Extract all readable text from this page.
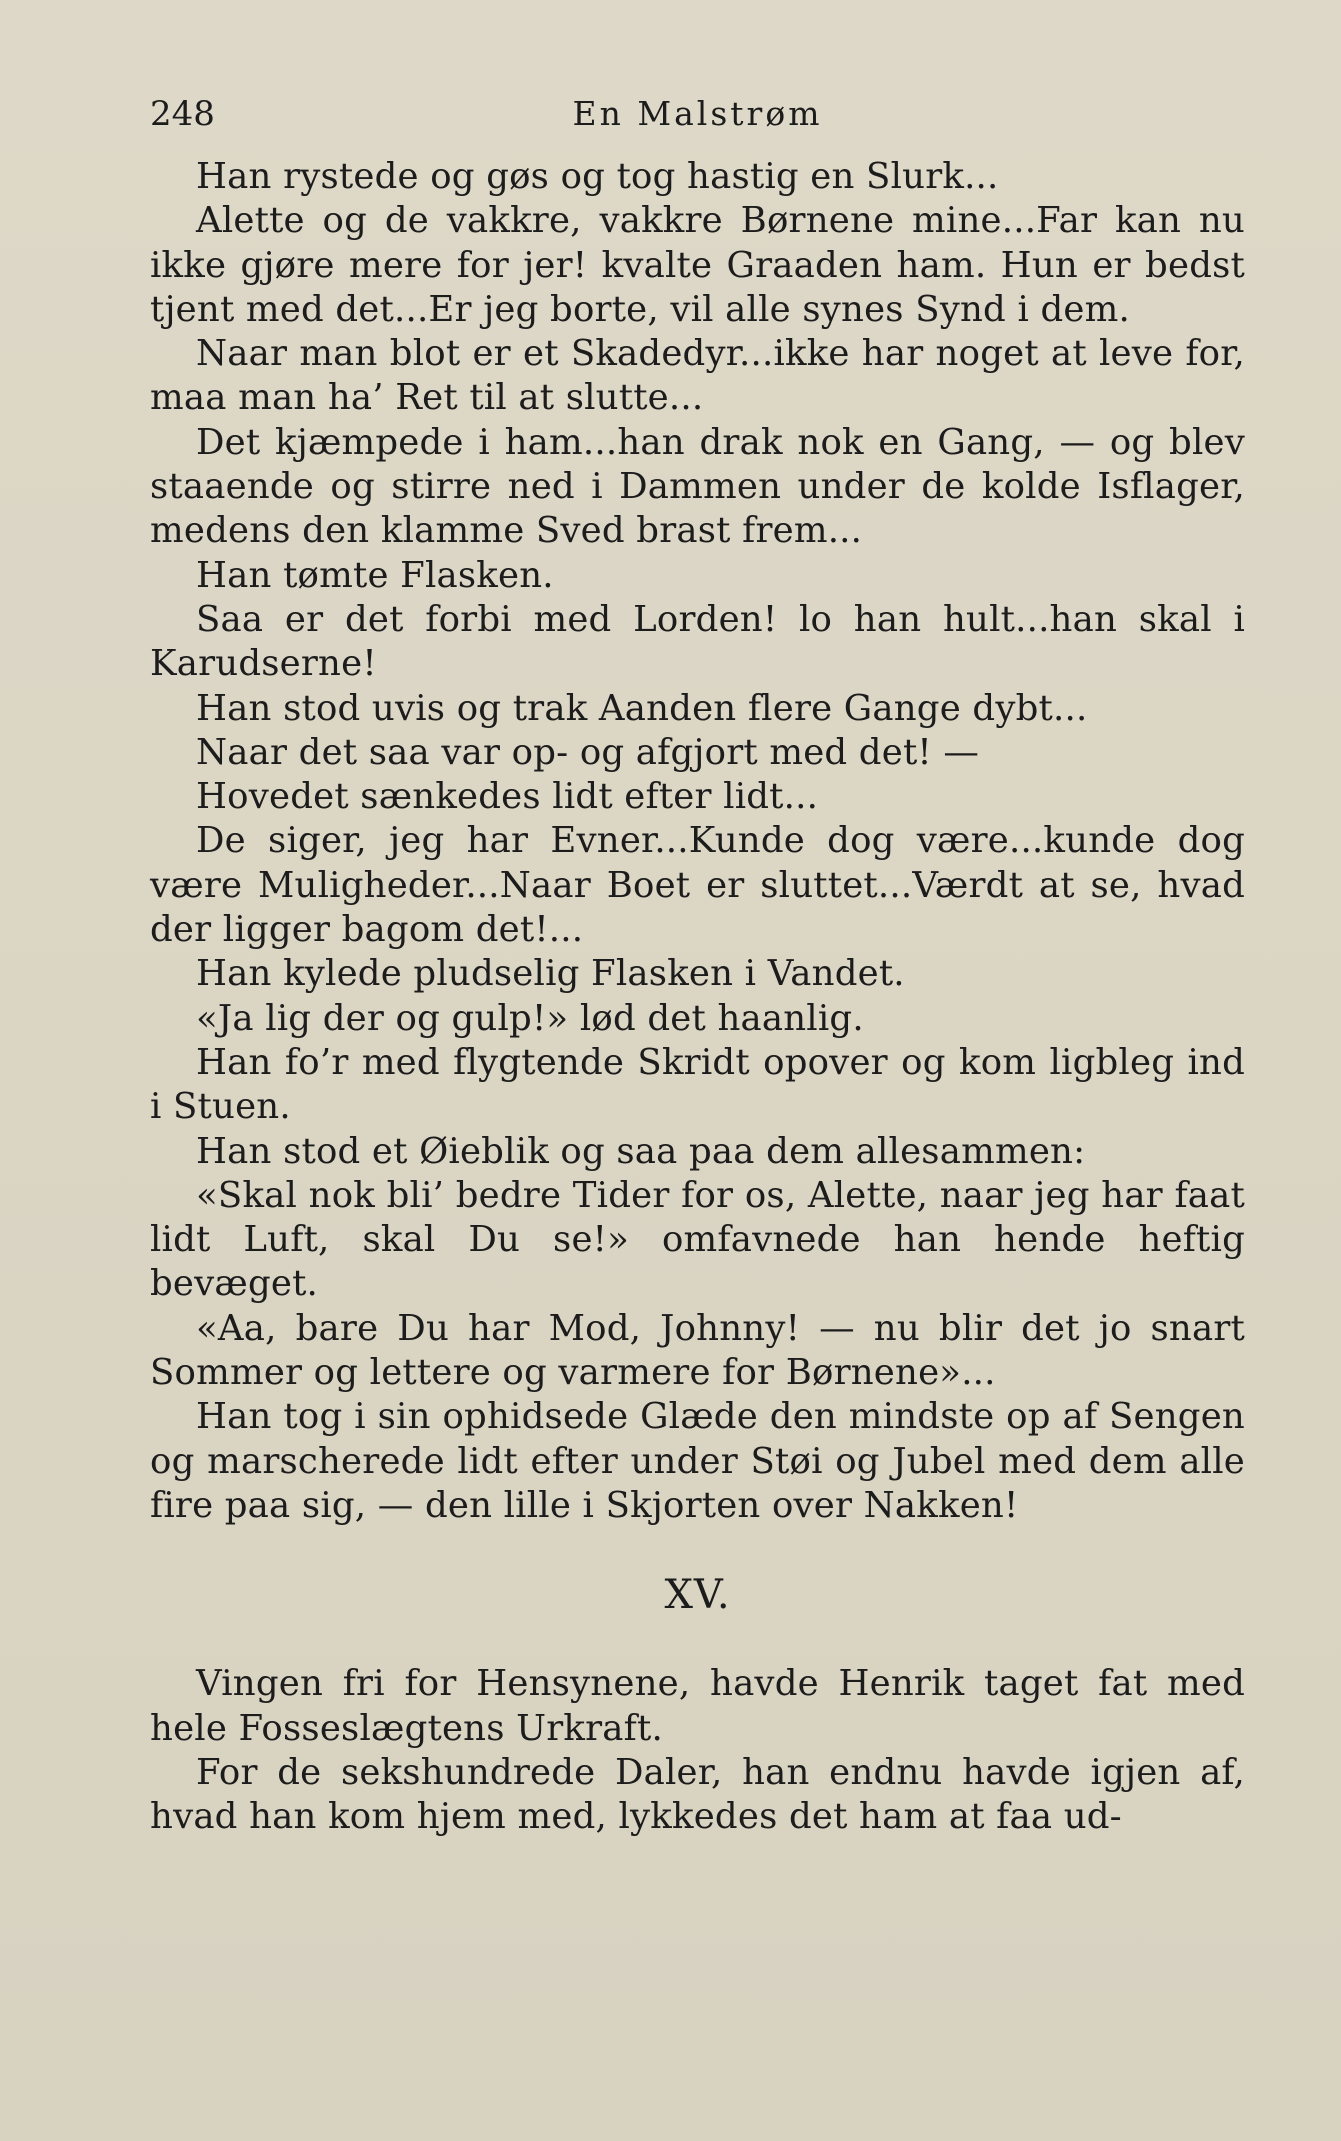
248	En Malstrøm

Han rystede og gøs og tog hastig en Slurk...

Alette og de vakkre, vakkre Børnene mine...Far kan nu ikke gjøre mere for jer! kvalte Graaden ham. Hun er bedst tjent med det...Er jeg borte, vil alle synes Synd i dem.

Naar man blot er et Skadedyr...ikke har noget at leve for, maa man ha’ Ret til at slutte...

Det kjæmpede i ham...han drak nok en Gang, — og blev staaende og stirre ned i Dammen under de kolde Isflager, medens den klamme Sved brast frem...

Han tømte Flasken.

Saa er det forbi med Lorden! lo han hult...han skal i Karudserne!

Han stod uvis og trak Aanden flere Gange dybt...

Naar det saa var op- og afgjort med det! —

Hovedet sænkedes lidt efter lidt...

De siger, jeg har Evner...Kunde dog være...kunde dog være Muligheder...Naar Boet er sluttet...Værdt at se, hvad der ligger bagom det!...

Han kylede pludselig Flasken i Vandet.

«Ja lig der og gulp!» lød det haanlig.

Han fo’r med flygtende Skridt opover og kom ligbleg ind i Stuen.

Han stod et Øieblik og saa paa dem allesammen:

«Skal nok bli’ bedre Tider for os, Alette, naar jeg har faat lidt Luft, skal Du se!» omfavnede han hende heftig bevæget.

«Aa, bare Du har Mod, Johnny! — nu blir det jo snart Sommer og lettere og varmere for Børnene»...

Han tog i sin ophidsede Glæde den mindste op af Sengen og marscherede lidt efter under Støi og Jubel med dem alle fire paa sig, — den lille i Skjorten over Nakken!

XV.

Vingen fri for Hensynene, havde Henrik taget fat med hele Fosseslægtens Urkraft.

For de sekshundrede Daler, han endnu havde igjen af, hvad han kom hjem med, lykkedes det ham at faa ud-
